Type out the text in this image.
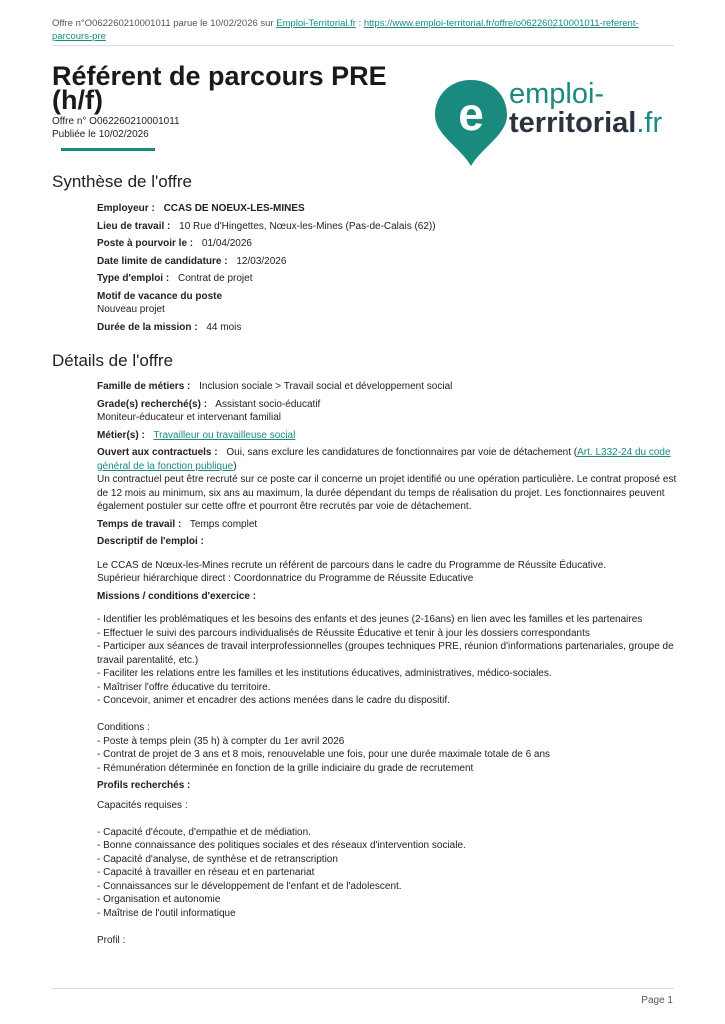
Offre n°O062260210001011 parue le 10/02/2026 sur Emploi-Territorial.fr : https://www.emploi-territorial.fr/offre/o062260210001011-referent-parcours-pre
Référent de parcours PRE (h/f)
Offre n° O062260210001011
Publiée le 10/02/2026	e emploi-
territorial.fr
Synthèse de l'offre
Employeur : CCAS DE NOEUX-LES-MINES
Lieu de travail : 10 Rue d'Hingettes, Nœux-les-Mines (Pas-de-Calais (62))
Poste à pourvoir le : 01/04/2026
Date limite de candidature : 12/03/2026
Type d'emploi : Contrat de projet
Motif de vacance du poste
Nouveau projet
Durée de la mission : 44 mois
Détails de l'offre
Famille de métiers : Inclusion sociale > Travail social et développement social
Grade(s) recherché(s) : Assistant socio-éducatif
Moniteur-éducateur et intervenant familial
Métier(s) : Travailleur ou travailleuse social
Ouvert aux contractuels : Oui, sans exclure les candidatures de fonctionnaires par voie de détachement (Art. L332-24 du code général de la fonction publique)
Un contractuel peut être recruté sur ce poste car il concerne un projet identifié ou une opération particulière. Le contrat proposé est de 12 mois au minimum, six ans au maximum, la durée dépendant du temps de réalisation du projet. Les fonctionnaires peuvent également postuler sur cette offre et pourront être recrutés par voie de détachement.
Temps de travail : Temps complet
Descriptif de l'emploi :
Le CCAS de Nœux-les-Mines recrute un référent de parcours dans le cadre du Programme de Réussite Éducative.
Supérieur hiérarchique direct : Coordonnatrice du Programme de Réussite Educative
Missions / conditions d'exercice :
- Identifier les problématiques et les besoins des enfants et des jeunes (2-16ans) en lien avec les familles et les partenaires
- Effectuer le suivi des parcours individualisés de Réussite Éducative et tenir à jour les dossiers correspondants
- Participer aux séances de travail interprofessionnelles (groupes techniques PRE, réunion d'informations partenariales, groupe de travail parentalité, etc.)
- Faciliter les relations entre les familles et les institutions éducatives, administratives, médico-sociales.
- Maîtriser l'offre éducative du territoire.
- Concevoir, animer et encadrer des actions menées dans le cadre du dispositif.

Conditions :
- Poste à temps plein (35 h) à compter du 1er avril 2026
- Contrat de projet de 3 ans et 8 mois, renouvelable une fois, pour une durée maximale totale de 6 ans
- Rémunération déterminée en fonction de la grille indiciaire du grade de recrutement
Profils recherchés :
Capacités requises :

- Capacité d'écoute, d'empathie et de médiation.
- Bonne connaissance des politiques sociales et des réseaux d'intervention sociale.
- Capacité d'analyse, de synthèse et de retranscription
- Capacité à travailler en réseau et en partenariat
- Connaissances sur le développement de l'enfant et de l'adolescent.
- Organisation et autonomie
- Maîtrise de l'outil informatique

Profil :
Page 1
